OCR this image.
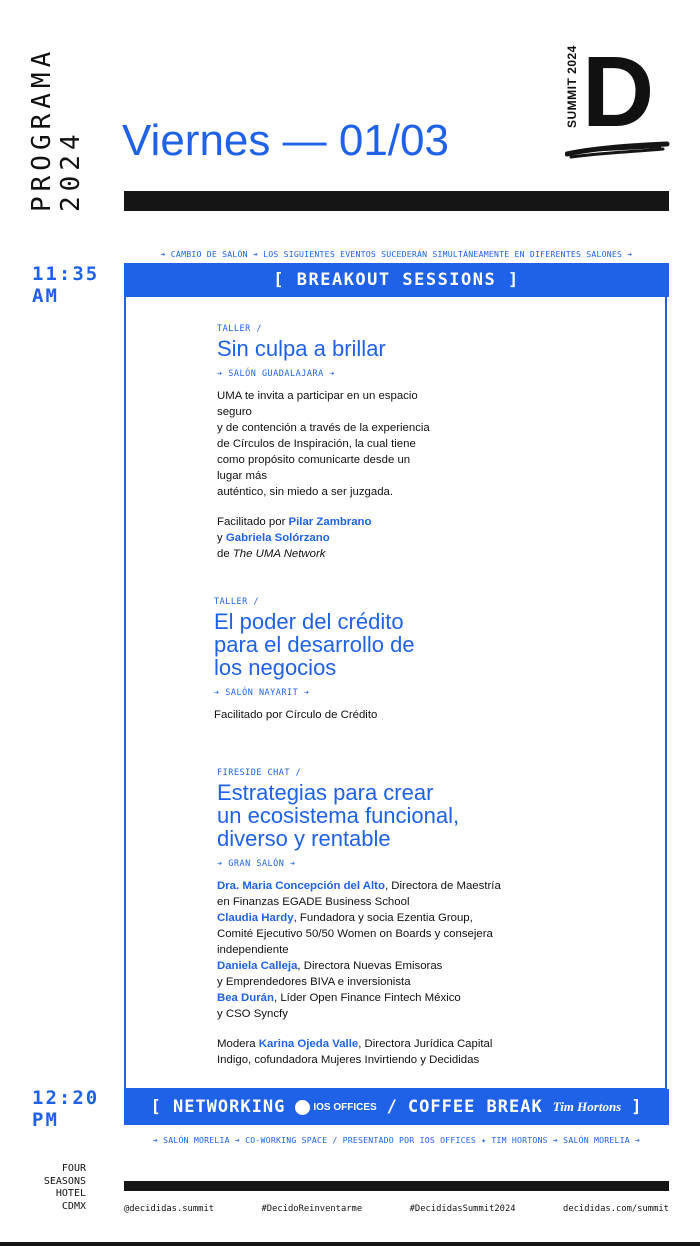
PROGRAMA 2024
SUMMIT 2024 D
Viernes — 01/03
➔ CAMBIO DE SALÓN ➔ LOS SIGUIENTES EVENTOS SUCEDERÁN SIMULTÁNEAMENTE EN DIFERENTES SALONES ➔
11:35
AM
[ BREAKOUT SESSIONS ]
TALLER /
Sin culpa a brillar
➔ SALÓN GUADALAJARA ➔

UMA te invita a participar en un espacio

seguro

y de contención a través de la experiencia

de Círculos de Inspiración, la cual tiene

como propósito comunicarte desde un

lugar más

auténtico, sin miedo a ser juzgada.

Facilitado por Pilar Zambrano

y Gabriela Solórzano

de The UMA Network

TALLER /
El poder del crédito
para el desarrollo de
los negocios
➔ SALÓN NAYARIT ➔

Facilitado por Círculo de Crédito

FIRESIDE CHAT /
Estrategias para crear
un ecosistema funcional,
diverso y rentable
➔ GRAN SALÓN ➔

Dra. Maria Concepción del Alto, Directora de Maestría

en Finanzas EGADE Business School

Claudia Hardy, Fundadora y socia Ezentia Group,

Comité Ejecutivo 50/50 Women on Boards y consejera

independiente

Daniela Calleja, Directora Nuevas Emisoras

y Emprendedores BIVA e inversionista

Bea Durán, Líder Open Finance Fintech México

y CSO Syncfy

Modera Karina Ojeda Valle, Directora Jurídica Capital

Indigo, cofundadora Mujeres Invirtiendo y Decididas

12:20
PM
[ NETWORKING	IOS OFFICES / COFFEE BREAK Tim Hortons ]
➔ SALÓN MORELIA ➔ CO-WORKING SPACE / PRESENTADO POR IOS OFFICES ✦ TIM HORTONS ➔ SALÓN MORELIA ➔
FOUR
SEASONS
HOTEL
CDMX	@decididas.summit	#DecidoReinventarme	#DecididasSummit2024	decididas.com/summit
